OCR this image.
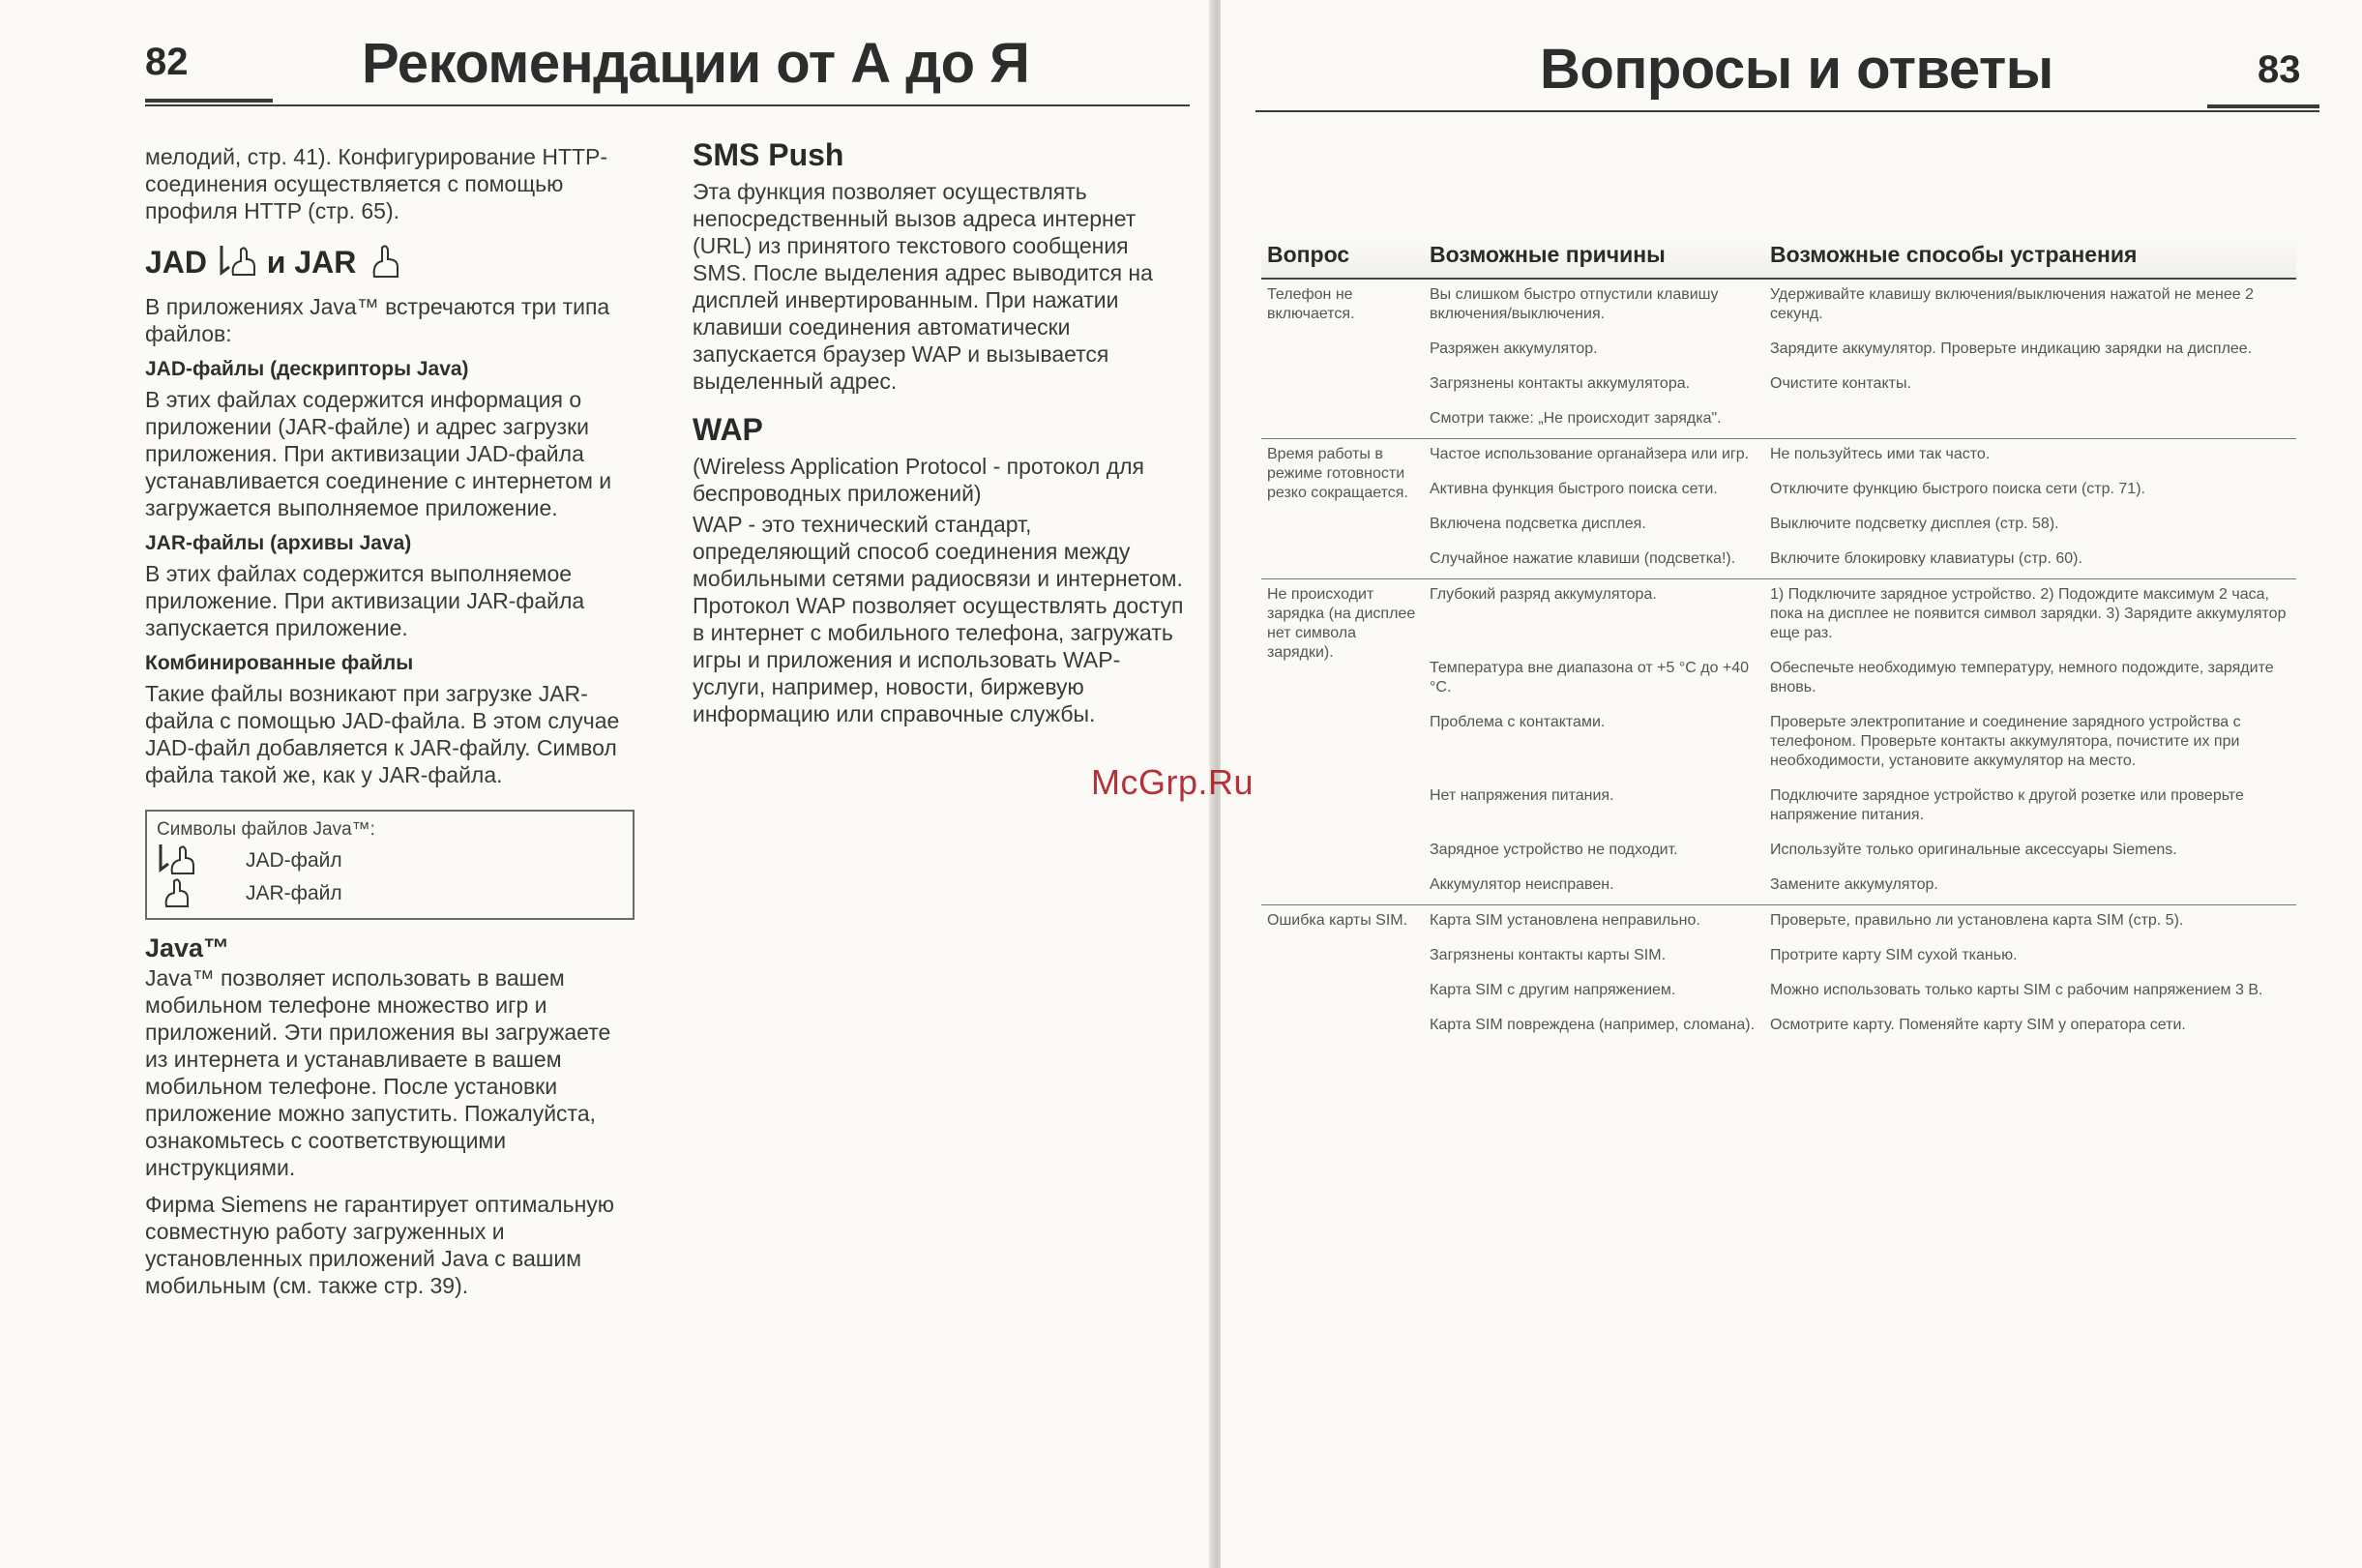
82	Рекомендации от А до Я

мелодий, стр. 41). Конфигурирование HTTP-соединения осуществляется с помощью профиля HTTP (стр. 65).

JAD и JAR

В приложениях Java™ встречаются три типа файлов:

JAD-файлы (дескрипторы Java)

В этих файлах содержится информация о приложении (JAR-файле) и адрес загрузки приложения. При активизации JAD-файла устанавливается соединение с интернетом и загружается выполняемое приложение.

JAR-файлы (архивы Java)

В этих файлах содержится выполняемое приложение. При активизации JAR-файла запускается приложение.

Комбинированные файлы

Такие файлы возникают при загрузке JAR-файла с помощью JAD-файла. В этом случае JAD-файл добавляется к JAR-файлу. Символ файла такой же, как у JAR-файла.

Символы файлов Java™:
JAD-файл
JAR-файл
Java™

Java™ позволяет использовать в вашем мобильном телефоне множество игр и приложений. Эти приложения вы загружаете из интернета и устанавливаете в вашем мобильном телефоне. После установки приложение можно запустить. Пожалуйста, ознакомьтесь с соответствующими инструкциями.

Фирма Siemens не гарантирует оптимальную совместную работу загруженных и установленных приложений Java с вашим мобильным (см. также стр. 39).

SMS Push

Эта функция позволяет осуществлять непосредственный вызов адреса интернет (URL) из принятого текстового сообщения SMS. После выделения адрес выводится на дисплей инвертированным. При нажатии клавиши соединения автоматически запускается браузер WAP и вызывается выделенный адрес.

WAP

(Wireless Application Protocol - протокол для беспроводных приложений)

WAP - это технический стандарт, определяющий способ соединения между мобильными сетями радиосвязи и интернетом. Протокол WAP позволяет осуществлять доступ в интернет с мобильного телефона, загружать игры и приложения и использовать WAP-услуги, например, новости, биржевую информацию или справочные службы.

Вопросы и ответы	83
Вопрос	Возможные причины	Возможные способы устранения
Телефон не включается.	Вы слишком быстро отпустили клавишу включения/выключения.	Удерживайте клавишу включения/выключения нажатой не менее 2 секунд.
	Разряжен аккумулятор.	Зарядите аккумулятор. Проверьте индикацию зарядки на дисплее.
	Загрязнены контакты аккумулятора.	Очистите контакты.
	Смотри также: „Не происходит зарядка".	
Время работы в режиме готовности резко сокращается.	Частое использование органайзера или игр.	Не пользуйтесь ими так часто.
	Активна функция быстрого поиска сети.	Отключите функцию быстрого поиска сети (стр. 71).
	Включена подсветка дисплея.	Выключите подсветку дисплея (стр. 58).
	Случайное нажатие клавиши (подсветка!).	Включите блокировку клавиатуры (стр. 60).
Не происходит зарядка (на дисплее нет символа зарядки).	Глубокий разряд аккумулятора.	1) Подключите зарядное устройство. 2) Подождите максимум 2 часа, пока на дисплее не появится символ зарядки. 3) Зарядите аккумулятор еще раз.
	Температура вне диапазона от +5 °C до +40 °C.	Обеспечьте необходимую температуру, немного подождите, зарядите вновь.
	Проблема с контактами.	Проверьте электропитание и соединение зарядного устройства с телефоном. Проверьте контакты аккумулятора, почистите их при необходимости, установите аккумулятор на место.
	Нет напряжения питания.	Подключите зарядное устройство к другой розетке или проверьте напряжение питания.
	Зарядное устройство не подходит.	Используйте только оригинальные аксессуары Siemens.
	Аккумулятор неисправен.	Замените аккумулятор.
Ошибка карты SIM.	Карта SIM установлена неправильно.	Проверьте, правильно ли установлена карта SIM (стр. 5).
	Загрязнены контакты карты SIM.	Протрите карту SIM сухой тканью.
	Карта SIM с другим напряжением.	Можно использовать только карты SIM с рабочим напряжением 3 В.
	Карта SIM повреждена (например, сломана).	Осмотрите карту. Поменяйте карту SIM у оператора сети.
McGrp.Ru
